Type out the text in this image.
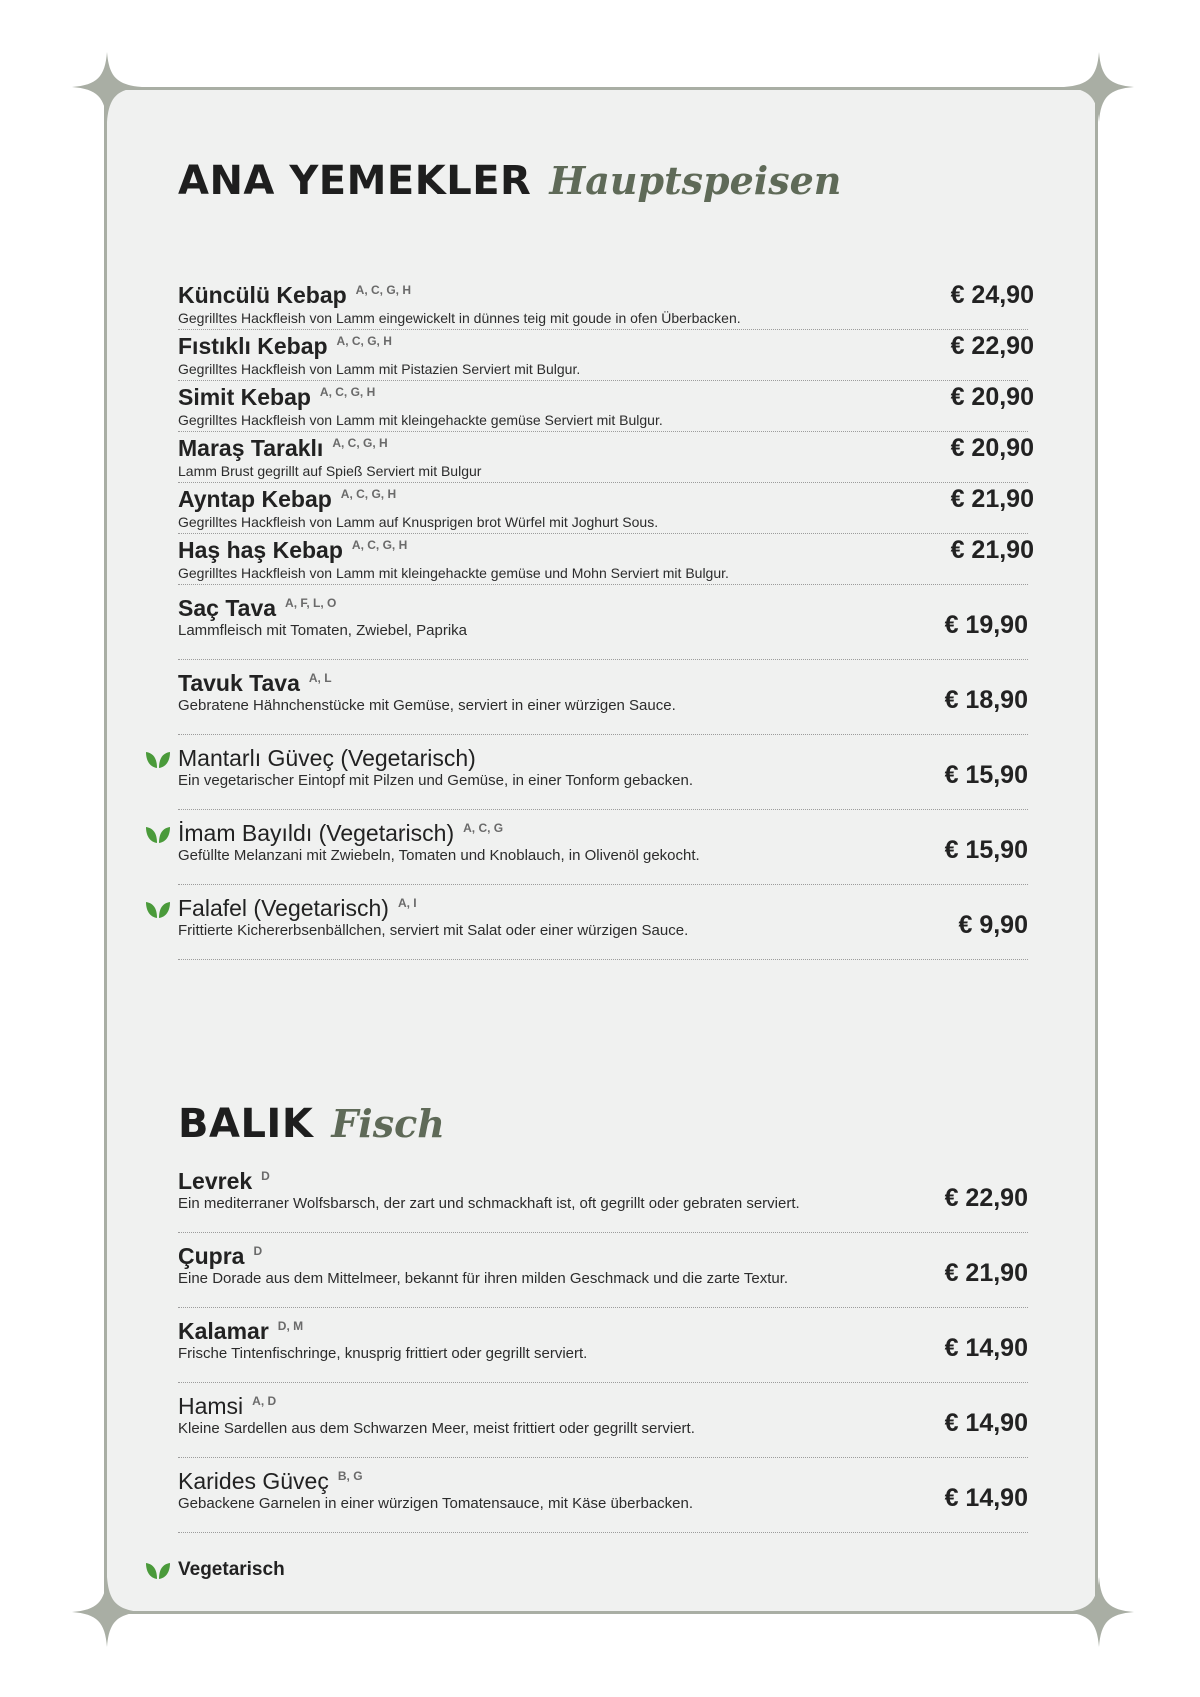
ANA YEMEKLER Hauptspeisen
Küncülü Kebap A, C, G, H
Gegrilltes Hackfleish von Lamm eingewickelt in dünnes teig mit goude in ofen Überbacken.
€ 24,90
Fıstıklı Kebap A, C, G, H
Gegrilltes Hackfleish von Lamm mit Pistazien Serviert mit Bulgur.
€ 22,90
Simit Kebap A, C, G, H
Gegrilltes Hackfleish von Lamm mit kleingehackte gemüse Serviert mit Bulgur.
€ 20,90
Maraş Taraklı A, C, G, H
Lamm Brust gegrillt auf Spieß Serviert mit Bulgur
€ 20,90
Ayntap Kebap A, C, G, H
Gegrilltes Hackfleish von Lamm auf Knusprigen brot Würfel mit Joghurt Sous.
€ 21,90
Haş haş Kebap A, C, G, H
Gegrilltes Hackfleish von Lamm mit kleingehackte gemüse und Mohn Serviert mit Bulgur.
€ 21,90
Saç Tava A, F, L, O
Lammfleisch mit Tomaten, Zwiebel, Paprika	€ 19,90
Tavuk Tava A, L
Gebratene Hähnchenstücke mit Gemüse, serviert in einer würzigen Sauce.	€ 18,90
Mantarlı Güveç (Vegetarisch)
Ein vegetarischer Eintopf mit Pilzen und Gemüse, in einer Tonform gebacken.	€ 15,90
İmam Bayıldı (Vegetarisch) A, C, G
Gefüllte Melanzani mit Zwiebeln, Tomaten und Knoblauch, in Olivenöl gekocht.	€ 15,90
Falafel (Vegetarisch) A, I
Frittierte Kichererbsenbällchen, serviert mit Salat oder einer würzigen Sauce.	€ 9,90
BALIK Fisch
Levrek D
Ein mediterraner Wolfsbarsch, der zart und schmackhaft ist, oft gegrillt oder gebraten serviert.	€ 22,90
Çupra D
Eine Dorade aus dem Mittelmeer, bekannt für ihren milden Geschmack und die zarte Textur.	€ 21,90
Kalamar D, M
Frische Tintenfischringe, knusprig frittiert oder gegrillt serviert.	€ 14,90
Hamsi A, D
Kleine Sardellen aus dem Schwarzen Meer, meist frittiert oder gegrillt serviert.	€ 14,90
Karides Güveç B, G
Gebackene Garnelen in einer würzigen Tomatensauce, mit Käse überbacken.	€ 14,90
Vegetarisch
